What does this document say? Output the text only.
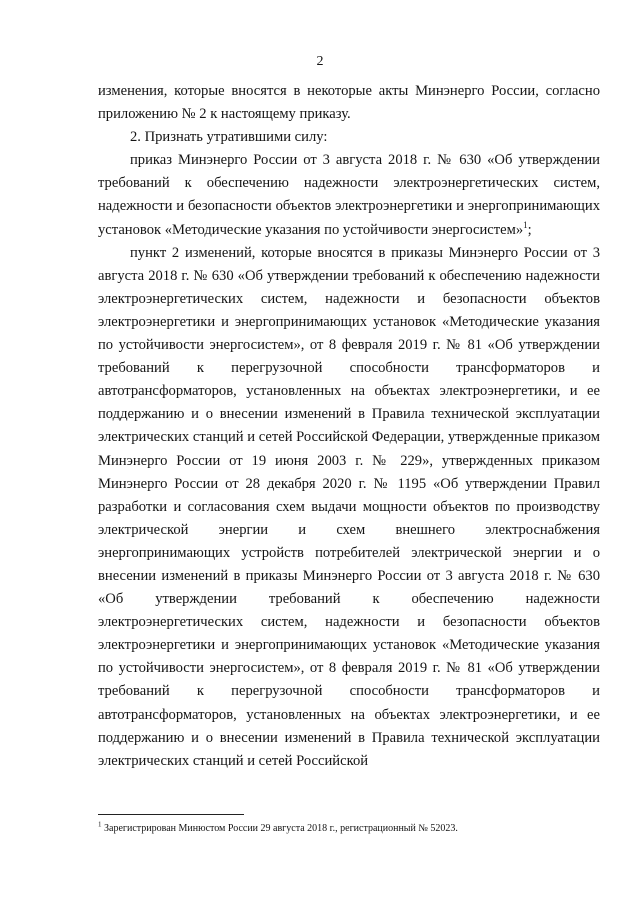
2

изменения, которые вносятся в некоторые акты Минэнерго России, согласно приложению № 2 к настоящему приказу.

2. Признать утратившими силу:

приказ Минэнерго России от 3 августа 2018 г. № 630 «Об утверждении требований к обеспечению надежности электроэнергетических систем, надежности и безопасности объектов электроэнергетики и энергопринимающих установок «Методические указания по устойчивости энергосистем»$^1$;

пункт 2 изменений, которые вносятся в приказы Минэнерго России от 3 августа 2018 г. № 630 «Об утверждении требований к обеспечению надежности электроэнергетических систем, надежности и безопасности объектов электроэнергетики и энергопринимающих установок «Методические указания по устойчивости энергосистем», от 8 февраля 2019 г. № 81 «Об утверждении требований к перегрузочной способности трансформаторов и автотрансформаторов, установленных на объектах электроэнергетики, и ее поддержанию и о внесении изменений в Правила технической эксплуатации электрических станций и сетей Российской Федерации, утвержденные приказом Минэнерго России от 19 июня 2003 г. № 229», утвержденных приказом Минэнерго России от 28 декабря 2020 г. № 1195 «Об утверждении Правил разработки и согласования схем выдачи мощности объектов по производству электрической энергии и схем внешнего электроснабжения энергопринимающих устройств потребителей электрической энергии и о внесении изменений в приказы Минэнерго России от 3 августа 2018 г. № 630 «Об утверждении требований к обеспечению надежности электроэнергетических систем, надежности и безопасности объектов электроэнергетики и энергопринимающих установок «Методические указания по устойчивости энергосистем», от 8 февраля 2019 г. № 81 «Об утверждении требований к перегрузочной способности трансформаторов и автотрансформаторов, установленных на объектах электроэнергетики, и ее поддержанию и о внесении изменений в Правила технической эксплуатации электрических станций и сетей Российской

$^1$ Зарегистрирован Минюстом России 29 августа 2018 г., регистрационный № 52023.
